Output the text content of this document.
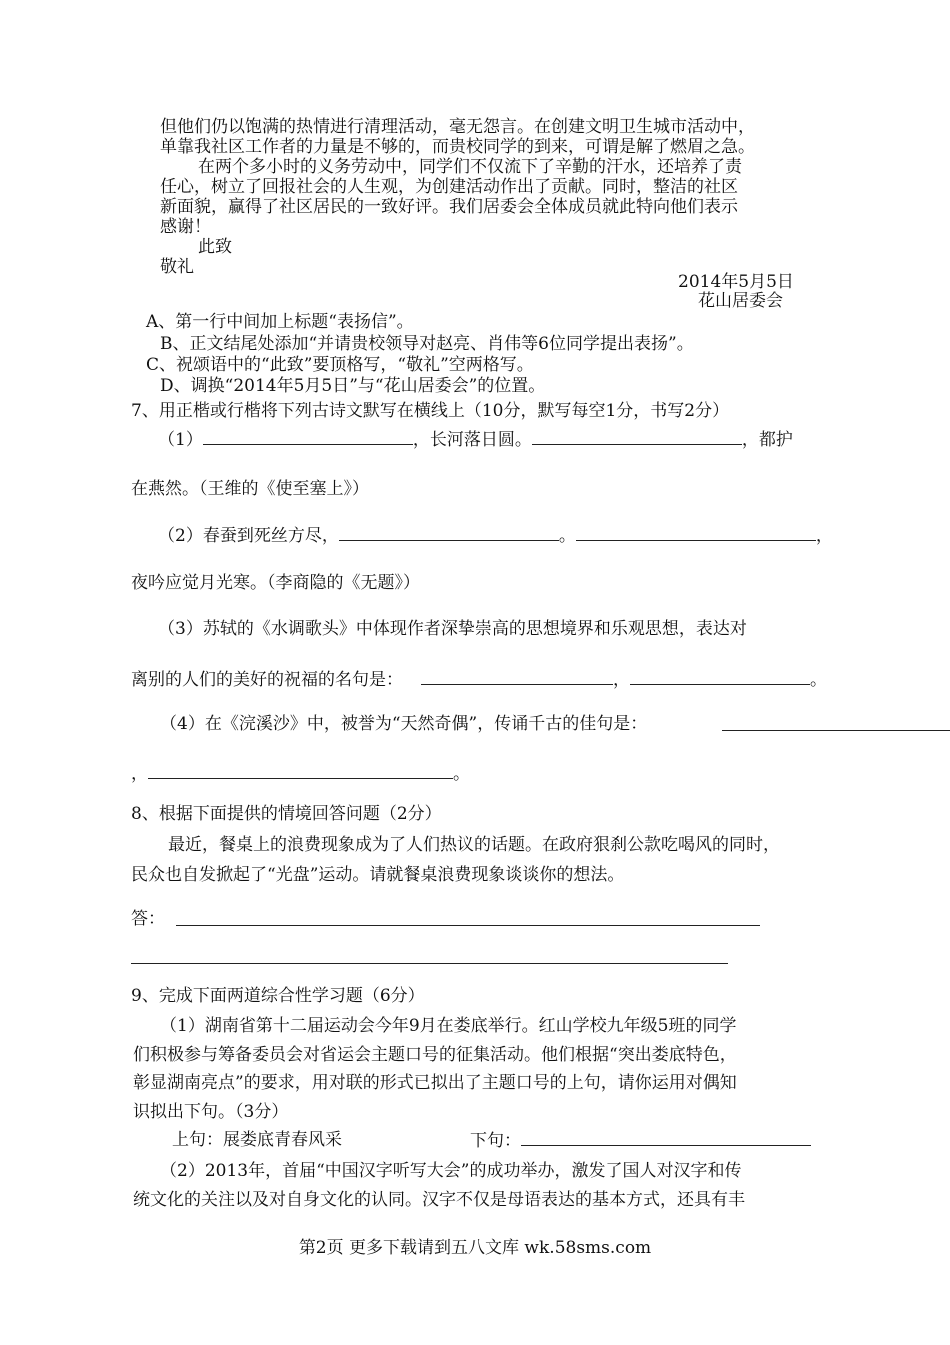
但他们仍以饱满的热情进行清理活动，毫无怨言。在创建文明卫生城市活动中，
单靠我社区工作者的力量是不够的，而贵校同学的到来，可谓是解了燃眉之急。
在两个多小时的义务劳动中，同学们不仅流下了辛勤的汗水，还培养了责
任心，树立了回报社会的人生观，为创建活动作出了贡献。同时，整洁的社区
新面貌，赢得了社区居民的一致好评。我们居委会全体成员就此特向他们表示
感谢！
此致
敬礼
2014年5月5日
花山居委会
A、第一行中间加上标题“表扬信”。
B、正文结尾处添加“并请贵校领导对赵亮、肖伟等6位同学提出表扬”。
C、祝颂语中的“此致”要顶格写，“敬礼”空两格写。
D、调换“2014年5月5日”与“花山居委会”的位置。
7、用正楷或行楷将下列古诗文默写在横线上（10分，默写每空1分，书写2分）
（1）	，长河落日圆。	，都护
在燕然。（王维的《使至塞上》）
（2）春蚕到死丝方尽，	。	，
夜吟应觉月光寒。（李商隐的《无题》）
（3）苏轼的《水调歌头》中体现作者深挚崇高的思想境界和乐观思想，表达对
离别的人们的美好的祝福的名句是：	，	。
（4）在《浣溪沙》中，被誉为“天然奇偶”，传诵千古的佳句是：
，	。
8、根据下面提供的情境回答问题（2分）
最近，餐桌上的浪费现象成为了人们热议的话题。在政府狠刹公款吃喝风的同时，
民众也自发掀起了“光盘”运动。请就餐桌浪费现象谈谈你的想法。
答：
9、完成下面两道综合性学习题（6分）
（1）湖南省第十二届运动会今年9月在娄底举行。红山学校九年级5班的同学
们积极参与筹备委员会对省运会主题口号的征集活动。他们根据“突出娄底特色，
彰显湖南亮点”的要求，用对联的形式已拟出了主题口号的上句，请你运用对偶知
识拟出下句。（3分）
上句：展娄底青春风采	下句：
（2）2013年，首届“中国汉字听写大会”的成功举办，激发了国人对汉字和传
统文化的关注以及对自身文化的认同。汉字不仅是母语表达的基本方式，还具有丰
第2页 更多下载请到五八文库 wk.58sms.com
